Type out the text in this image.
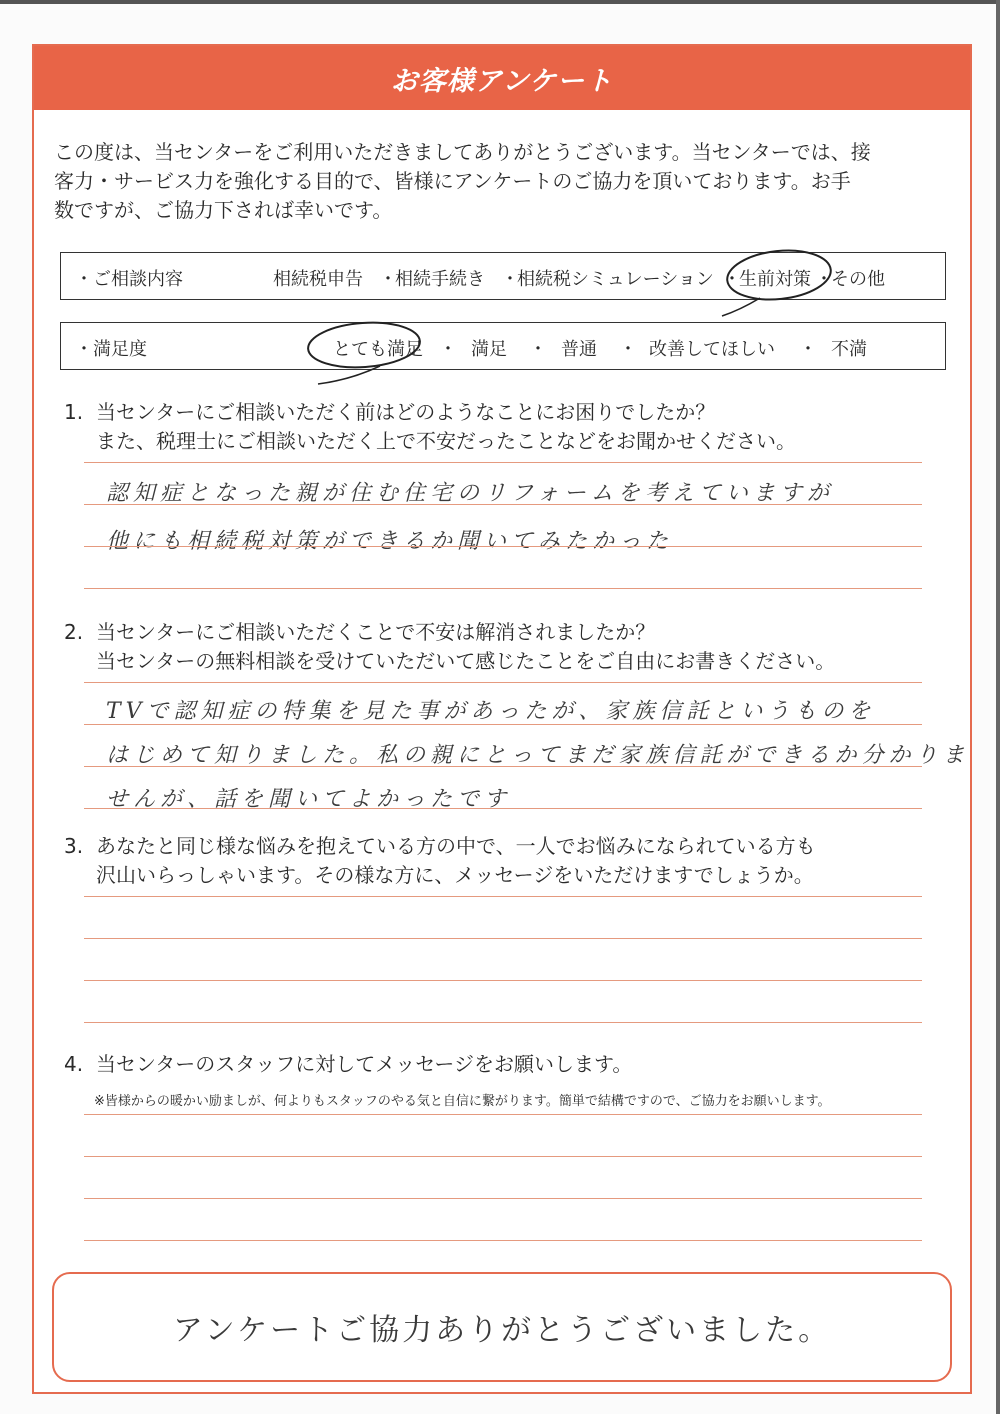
お客様アンケート
この度は、当センターをご利用いただきましてありがとうございます。当センターでは、接
客力・サービス力を強化する目的で、皆様にアンケートのご協力を頂いております。お手
数ですが、ご協力下されば幸いです。
・ご相談内容	相続税申告 ・
相続手続き ・
相続税シミュレーション ・
生前対策 ・
その他
・満足度	とても満足 ・ 満足 ・ 普通 ・ 改善してほしい ・ 不満
1. 当センターにご相談いただく前はどのようなことにお困りでしたか？
また、税理士にご相談いただく上で不安だったことなどをお聞かせください。
認知症となった親が住む住宅のリフォームを考えていますが
他にも相続税対策ができるか聞いてみたかった
2. 当センターにご相談いただくことで不安は解消されましたか？
当センターの無料相談を受けていただいて感じたことをご自由にお書きください。
TVで認知症の特集を見た事があったが、家族信託というものを
はじめて知りました。私の親にとってまだ家族信託ができるか分かりま
せんが、話を聞いてよかったです
3. あなたと同じ様な悩みを抱えている方の中で、一人でお悩みになられている方も
沢山いらっしゃいます。その様な方に、メッセージをいただけますでしょうか。
4. 当センターのスタッフに対してメッセージをお願いします。
※皆様からの暖かい励ましが、何よりもスタッフのやる気と自信に繋がります。簡単で結構ですので、ご協力をお願いします。
アンケートご協力ありがとうございました。
